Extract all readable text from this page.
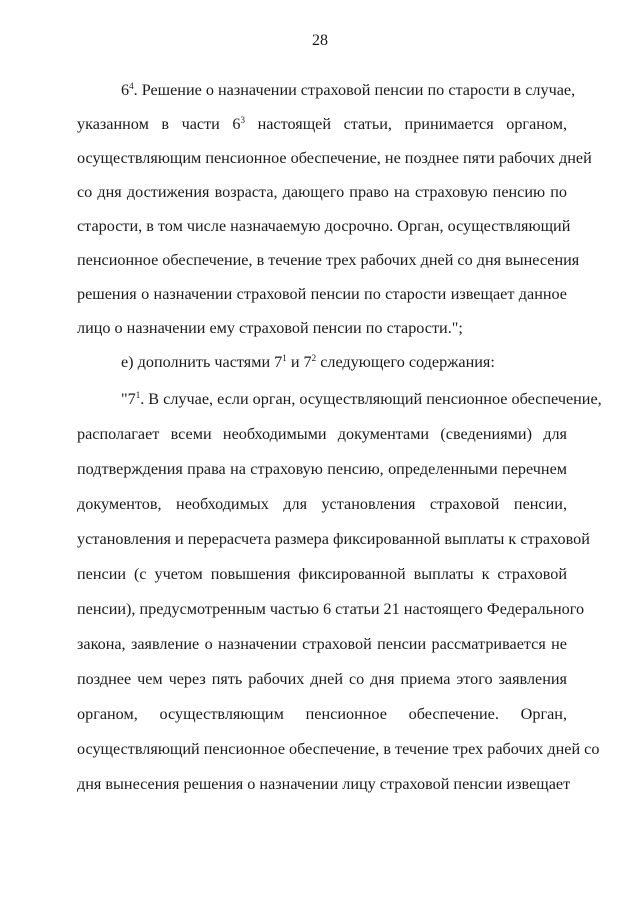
28
$6^4$. Решение о назначении страховой пенсии по старости в случае,
указанном в части $6^3$ настоящей статьи, принимается органом,
осуществляющим пенсионное обеспечение, не позднее пяти рабочих дней
со дня достижения возраста, дающего право на страховую пенсию по
старости, в том числе назначаемую досрочно. Орган, осуществляющий
пенсионное обеспечение, в течение трех рабочих дней со дня вынесения
решения о назначении страховой пенсии по старости извещает данное
лицо о назначении ему страховой пенсии по старости.";
е) дополнить частями $7^1$ и $7^2$ следующего содержания:
"$7^1$. В случае, если орган, осуществляющий пенсионное обеспечение,
располагает всеми необходимыми документами (сведениями) для
подтверждения права на страховую пенсию, определенными перечнем
документов, необходимых для установления страховой пенсии,
установления и перерасчета размера фиксированной выплаты к страховой
пенсии (с учетом повышения фиксированной выплаты к страховой
пенсии), предусмотренным частью 6 статьи 21 настоящего Федерального
закона, заявление о назначении страховой пенсии рассматривается не
позднее чем через пять рабочих дней со дня приема этого заявления
органом, осуществляющим пенсионное обеспечение. Орган,
осуществляющий пенсионное обеспечение, в течение трех рабочих дней со
дня вынесения решения о назначении лицу страховой пенсии извещает
